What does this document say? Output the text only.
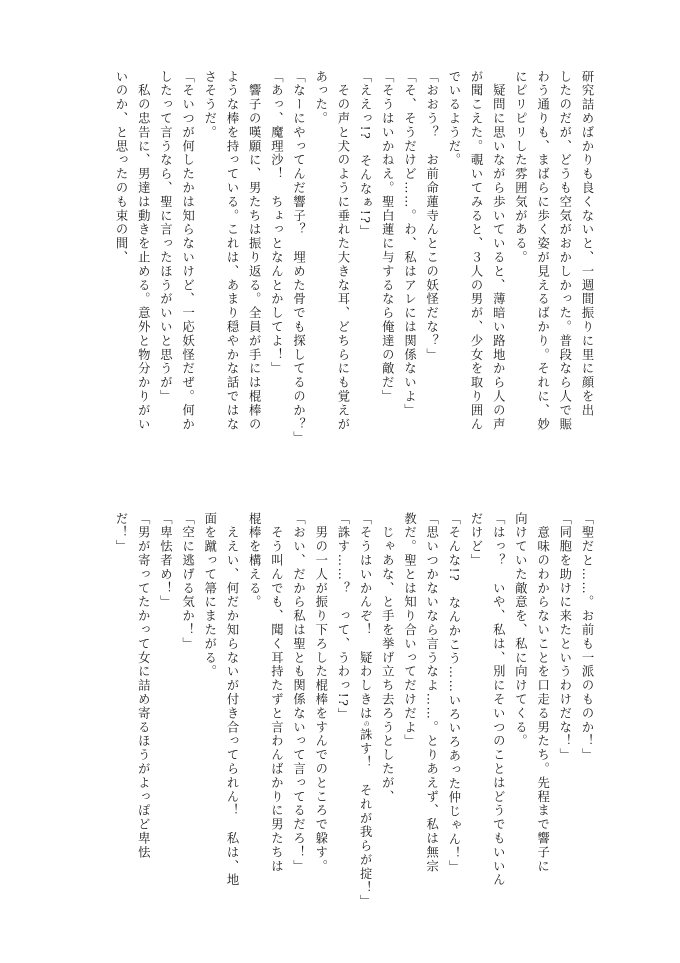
研究詰めばかりも良くないと、一週間振りに里に顔を出
したのだが、どうも空気がおかしかった。普段なら人で賑
わう通りも、まばらに歩く姿が見えるばかり。それに、妙
にピリピリした雰囲気がある。
　疑問に思いながら歩いていると、薄暗い路地から人の声
が聞こえた。覗いてみると、３人の男が、少女を取り囲ん
でいるようだ。
「おおう？　お前命蓮寺んとこの妖怪だな？」
「そ、そうだけど……。わ、私はアレには関係ないよ」
「そうはいかねえ。聖白蓮に与するなら俺達の敵だ」
「ええっ!?　そんなぁ!?」
　その声と犬のように垂れた大きな耳、どちらにも覚えが
あった。
「なーにやってんだ響子？　埋めた骨でも探してるのか？」
「あっ、魔理沙！　ちょっとなんとかしてよ！」
　響子の嘆願に、男たちは振り返る。全員が手には棍棒の
ような棒を持っている。これは、あまり穏やかな話ではな
さそうだ。
「そいつが何したかは知らないけど、一応妖怪だぜ。何か
したって言うなら、聖に言ったほうがいいと思うが」
　私の忠告に、男達は動きを止める。意外と物分かりがい
いのか、と思ったのも束の間、
「聖だと……。お前も一派のものか！」
「同胞を助けに来たというわけだな！」
　意味のわからないことを口走る男たち。先程まで響子に
向けていた敵意を、私に向けてくる。
「はっ？　いや、私は、別にそいつのことはどうでもいいん
だけど」
「そんな!?　なんかこう……いろいろあった仲じゃん！」
「思いつかないなら言うなよ……。とりあえず、私は無宗
教だ。聖とは知り合いってだけだよ」
　じゃあな、と手を挙げ立ち去ろうとしたが、
「そうはいかんぞ！　疑わしきはの誅す！　それが我らが掟！」
「誅す……？　って、うわっ!?」
　男の一人が振り下ろした棍棒をすんでのところで躱す。
「おい、だから私は聖とも関係ないって言ってるだろ！」
　そう叫んでも、聞く耳持たずと言わんばかりに男たちは
棍棒を構える。
　ええい、何だか知らないが付き合ってられん！　私は、地
面を蹴って箒にまたがる。
「空に逃げる気か！」
「卑怯者め！」
「男が寄ってたかって女に詰め寄るほうがよっぽど卑怯
だ！」
